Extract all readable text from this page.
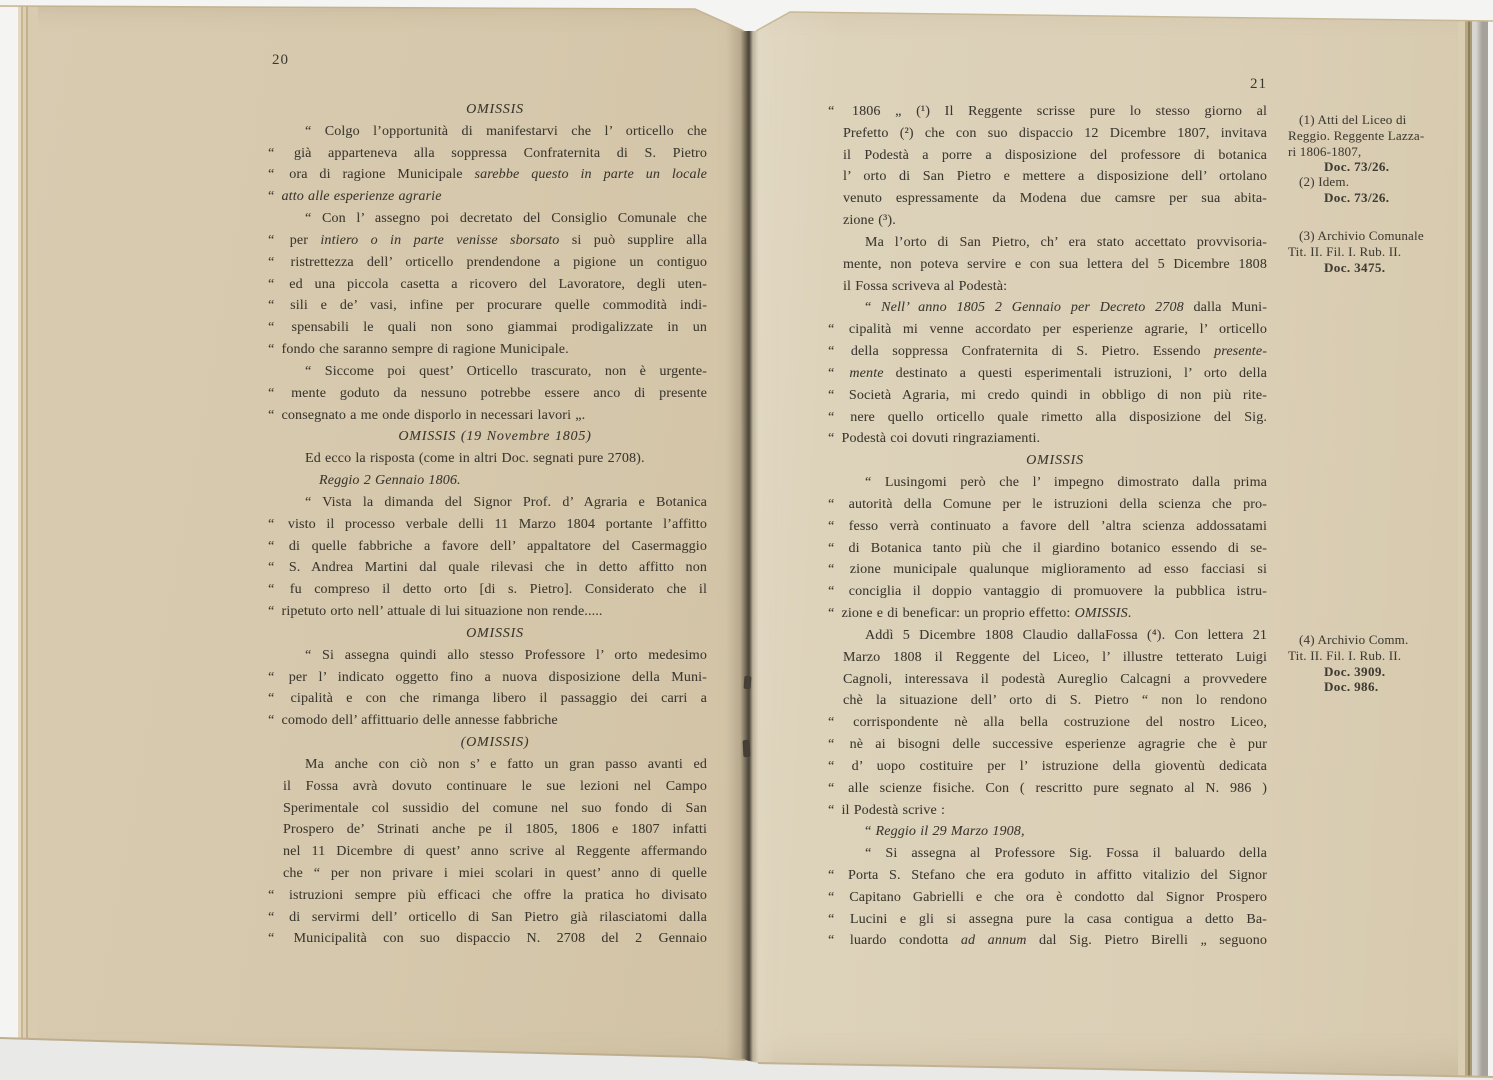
20
21
OMISSIS
“ Colgo l’opportunità di manifestarvi che l’ orticello che
“ già apparteneva alla soppressa Confraternita di S. Pietro
“ ora di ragione Municipale sarebbe questo in parte un locale
“ atto alle esperienze agrarie
“ Con l’ assegno poi decretato del Consiglio Comunale che
“ per intiero o in parte venisse sborsato si può supplire alla
“ ristrettezza dell’ orticello prendendone a pigione un contiguo
“ ed una piccola casetta a ricovero del Lavoratore, degli uten-
“ sili e de’ vasi, infine per procurare quelle commodità indi-
“ spensabili le quali non sono giammai prodigalizzate in un
“ fondo che saranno sempre di ragione Municipale.
“ Siccome poi quest’ Orticello trascurato, non è urgente-
“ mente goduto da nessuno potrebbe essere anco di presente
“ consegnato a me onde disporlo in necessari lavori „.
OMISSIS (19 Novembre 1805)
Ed ecco la risposta (come in altri Doc. segnati pure 2708).
Reggio 2 Gennaio 1806.
“ Vista la dimanda del Signor Prof. d’ Agraria e Botanica
“ visto il processo verbale delli 11 Marzo 1804 portante l’affitto
“ di quelle fabbriche a favore dell’ appaltatore del Casermaggio
“ S. Andrea Martini dal quale rilevasi che in detto affitto non
“ fu compreso il detto orto [di s. Pietro]. Considerato che il
“ ripetuto orto nell’ attuale di lui situazione non rende.....
OMISSIS
“ Si assegna quindi allo stesso Professore l’ orto medesimo
“ per l’ indicato oggetto fino a nuova disposizione della Muni-
“ cipalità e con che rimanga libero il passaggio dei carri a
“ comodo dell’ affittuario delle annesse fabbriche
(OMISSIS)
Ma anche con ciò non s’ e fatto un gran passo avanti ed
il Fossa avrà dovuto continuare le sue lezioni nel Campo
Sperimentale col sussidio del comune nel suo fondo di San
Prospero de’ Strinati anche pe il 1805, 1806 e 1807 infatti
nel 11 Dicembre di quest’ anno scrive al Reggente affermando
che “ per non privare i miei scolari in quest’ anno di quelle
“ istruzioni sempre più efficaci che offre la pratica ho divisato
“ di servirmi dell’ orticello di San Pietro già rilasciatomi dalla
“ Municipalità con suo dispaccio N. 2708 del 2 Gennaio
“ 1806 „ (¹) Il Reggente scrisse pure lo stesso giorno al
Prefetto (²) che con suo dispaccio 12 Dicembre 1807, invitava
il Podestà a porre a disposizione del professore di botanica
l’ orto di San Pietro e mettere a disposizione dell’ ortolano
venuto espressamente da Modena due camsre per sua abita-
zione (³).
Ma l’orto di San Pietro, ch’ era stato accettato provvisoria-
mente, non poteva servire e con sua lettera del 5 Dicembre 1808
il Fossa scriveva al Podestà:
“ Nell’ anno 1805 2 Gennaio per Decreto 2708 dalla Muni-
“ cipalità mi venne accordato per esperienze agrarie, l’ orticello
“ della soppressa Confraternita di S. Pietro. Essendo presente-
“ mente destinato a questi esperimentali istruzioni, l’ orto della
“ Società Agraria, mi credo quindi in obbligo di non più rite-
“ nere quello orticello quale rimetto alla disposizione del Sig.
“ Podestà coi dovuti ringraziamenti.
OMISSIS
“ Lusingomi però che l’ impegno dimostrato dalla prima
“ autorità della Comune per le istruzioni della scienza che pro-
“ fesso verrà continuato a favore dell ’altra scienza addossatami
“ di Botanica tanto più che il giardino botanico essendo di se-
“ zione municipale qualunque miglioramento ad esso facciasi si
“ conciglia il doppio vantaggio di promuovere la pubblica istru-
“ zione e di beneficar: un proprio effetto: OMISSIS.
Addì 5 Dicembre 1808 Claudio dallaFossa (⁴). Con lettera 21
Marzo 1808 il Reggente del Liceo, l’ illustre tetterato Luigi
Cagnoli, interessava il podestà Aureglio Calcagni a provvedere
chè la situazione dell’ orto di S. Pietro “ non lo rendono
“ corrispondente nè alla bella costruzione del nostro Liceo,
“ nè ai bisogni delle successive esperienze agragrie che è pur
“ d’ uopo costituire per l’ istruzione della gioventù dedicata
“ alle scienze fisiche. Con ( rescritto pure segnato al N. 986 )
“ il Podestà scrive :
“ Reggio il 29 Marzo 1908,
“ Si assegna al Professore Sig. Fossa il baluardo della
“ Porta S. Stefano che era goduto in affitto vitalizio del Signor
“ Capitano Gabrielli e che ora è condotto dal Signor Prospero
“ Lucini e gli si assegna pure la casa contigua a detto Ba-
“ luardo condotta ad annum dal Sig. Pietro Birelli „ seguono
(1) Atti del Liceo di
Reggio. Reggente Lazza-
ri 1806-1807,
Doc. 73/26.
(2) Idem.
Doc. 73/26.
(3) Archivio Comunale
Tit. II. Fil. I. Rub. II.
Doc. 3475.
(4) Archivio Comm.
Tit. II. Fil. I. Rub. II.
Doc. 3909.
Doc. 986.
